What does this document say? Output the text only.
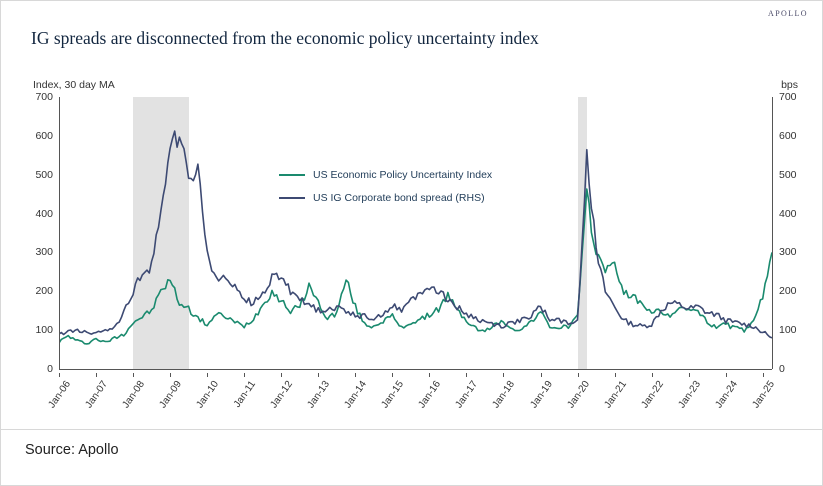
APOLLO
IG spreads are disconnected from the economic policy uncertainty index
Index, 30 day MA	bps
0	0
100	100
200	200
300	300
400	400
500	500
600	600
700	700
Jan-06 Jan-07 Jan-08 Jan-09 Jan-10 Jan-11 Jan-12 Jan-13 Jan-14 Jan-15 Jan-16 Jan-17 Jan-18 Jan-19 Jan-20 Jan-21 Jan-22 Jan-23 Jan-24 Jan-25
US Economic Policy Uncertainty Index
US IG Corporate bond spread (RHS)
Source: Apollo
